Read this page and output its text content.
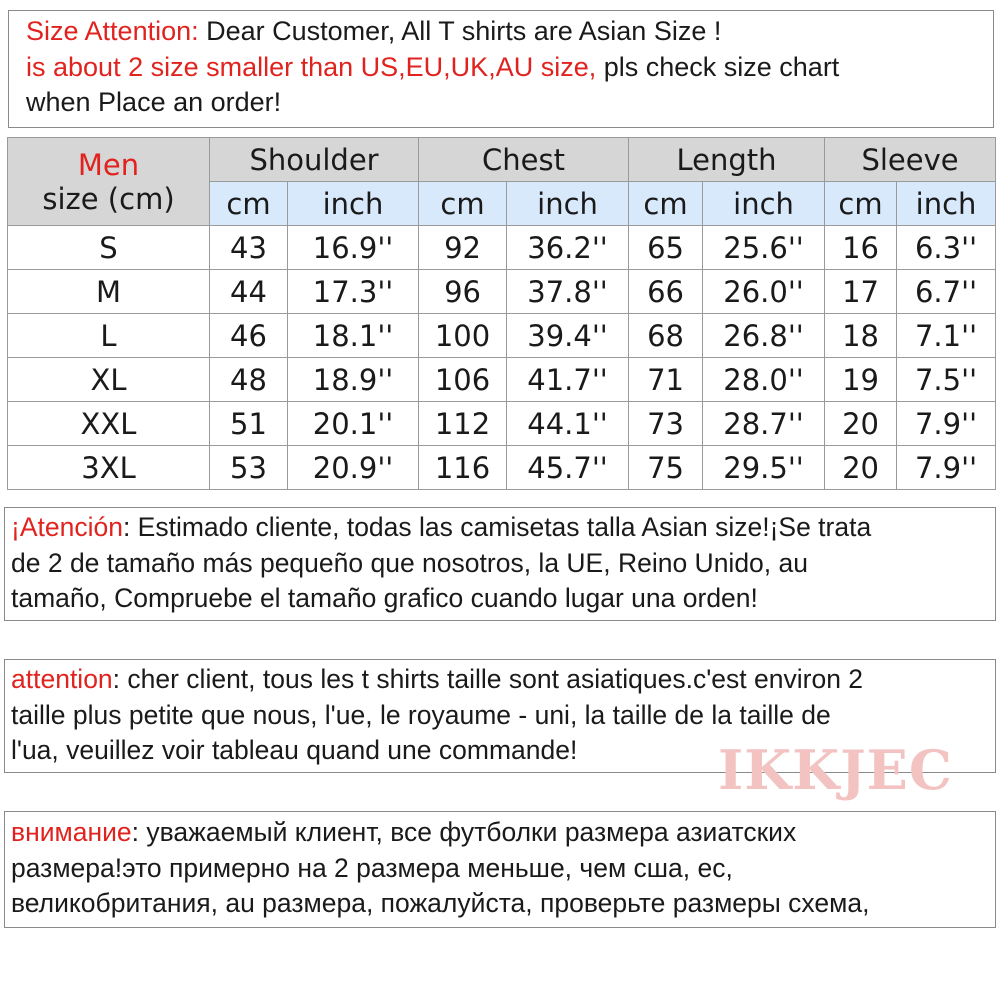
Size Attention: Dear Customer, All T shirts are Asian Size !
is about 2 size smaller than US,EU,UK,AU size, pls check size chart
when Place an order!
Men
size (cm)	Shoulder		Chest		Length		Sleeve	
	cm	inch	cm	inch	cm	inch	cm	inch
S	43	16.9''	92	36.2''	65	25.6''	16	6.3''
M	44	17.3''	96	37.8''	66	26.0''	17	6.7''
L	46	18.1''	100	39.4''	68	26.8''	18	7.1''
XL	48	18.9''	106	41.7''	71	28.0''	19	7.5''
XXL	51	20.1''	112	44.1''	73	28.7''	20	7.9''
3XL	53	20.9''	116	45.7''	75	29.5''	20	7.9''
¡Atención: Estimado cliente, todas las camisetas talla Asian size!¡Se trata
de 2 de tamaño más pequeño que nosotros, la UE, Reino Unido, au
tamaño, Compruebe el tamaño grafico cuando lugar una orden!
attention: cher client, tous les t shirts taille sont asiatiques.c'est environ 2
taille plus petite que nous, l'ue, le royaume - uni, la taille de la taille de
l'ua, veuillez voir tableau quand une commande!	IKKJEC
внимание: уважаемый клиент, все футболки размера азиатских
размера!это примерно на 2 размера меньше, чем сша, ес,
великобритания, au размера, пожалуйста, проверьте размеры схема,
